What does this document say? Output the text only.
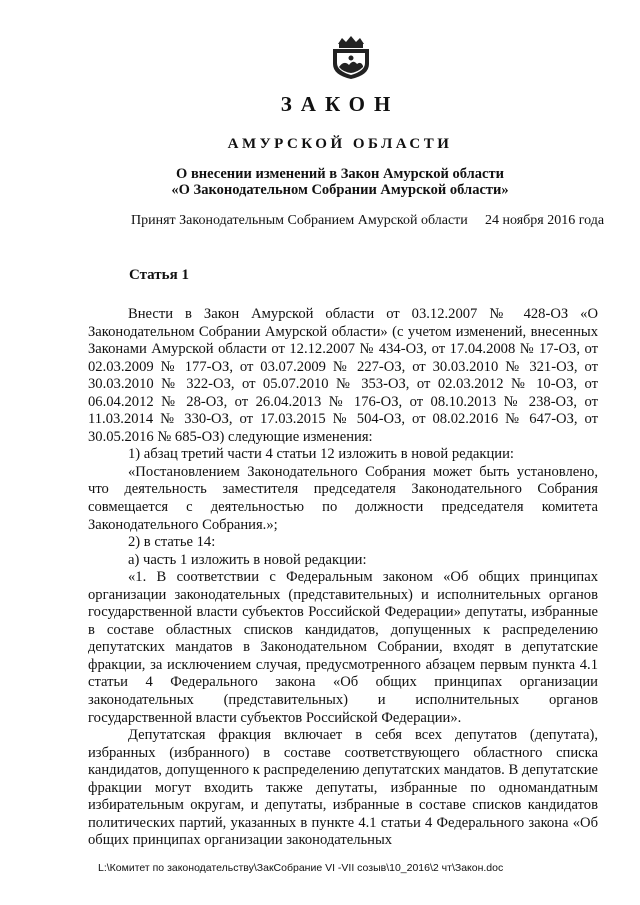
ЗАКОН
АМУРСКОЙ ОБЛАСТИ
О внесении изменений в Закон Амурской области
«О Законодательном Собрании Амурской области»
Принят Законодательным Собранием Амурской области 24 ноября 2016 года
Статья 1

Внести в Закон Амурской области от 03.12.2007 № 428-ОЗ «О Законодательном Собрании Амурской области» (с учетом изменений, внесенных Законами Амурской области от 12.12.2007 № 434-ОЗ, от 17.04.2008 № 17-ОЗ, от 02.03.2009 № 177-ОЗ, от 03.07.2009 № 227-ОЗ, от 30.03.2010 № 321-ОЗ, от 30.03.2010 № 322-ОЗ, от 05.07.2010 № 353-ОЗ, от 02.03.2012 № 10-ОЗ, от 06.04.2012 № 28-ОЗ, от 26.04.2013 № 176-ОЗ, от 08.10.2013 № 238-ОЗ, от 11.03.2014 № 330-ОЗ, от 17.03.2015 № 504-ОЗ, от 08.02.2016 № 647-ОЗ, от 30.05.2016 № 685-ОЗ) следующие изменения:

1) абзац третий части 4 статьи 12 изложить в новой редакции:

«Постановлением Законодательного Собрания может быть установлено, что деятельность заместителя председателя Законодательного Собрания совмещается с деятельностью по должности председателя комитета Законодательного Собрания.»;

2) в статье 14:

а) часть 1 изложить в новой редакции:

«1. В соответствии с Федеральным законом «Об общих принципах организации законодательных (представительных) и исполнительных органов государственной власти субъектов Российской Федерации» депутаты, избранные в составе областных списков кандидатов, допущенных к распределению депутатских мандатов в Законодательном Собрании, входят в депутатские фракции, за исключением случая, предусмотренного абзацем первым пункта 4.1 статьи 4 Федерального закона «Об общих принципах организации законодательных (представительных) и исполнительных органов государственной власти субъектов Российской Федерации».

Депутатская фракция включает в себя всех депутатов (депутата), избранных (избранного) в составе соответствующего областного списка кандидатов, допущенного к распределению депутатских мандатов. В депутатские фракции могут входить также депутаты, избранные по одномандатным избирательным округам, и депутаты, избранные в составе списков кандидатов политических партий, указанных в пункте 4.1 статьи 4 Федерального закона «Об общих принципах организации законодательных

L:\Комитет по законодательству\ЗакСобрание VI -VII созыв\10_2016\2 чт\Закон.doc
